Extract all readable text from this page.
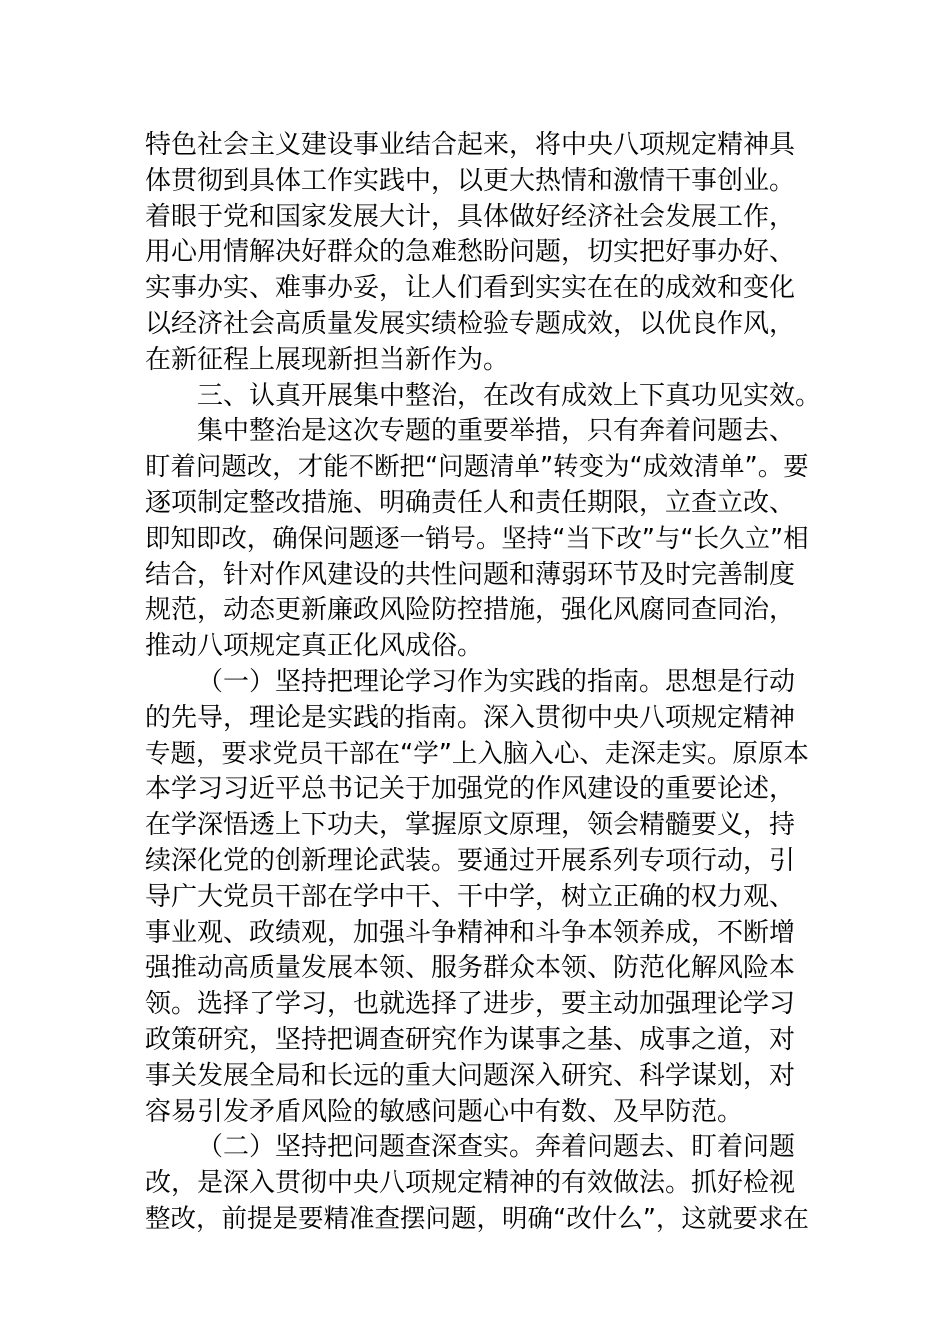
特色社会主义建设事业结合起来，将中央八项规定精神具
体贯彻到具体工作实践中，以更大热情和激情干事创业。
着眼于党和国家发展大计，具体做好经济社会发展工作，
用心用情解决好群众的急难愁盼问题，切实把好事办好、
实事办实、难事办妥，让人们看到实实在在的成效和变化
以经济社会高质量发展实绩检验专题成效，以优良作风，
在新征程上展现新担当新作为。
三、认真开展集中整治，在改有成效上下真功见实效。
集中整治是这次专题的重要举措，只有奔着问题去、
盯着问题改，才能不断把“问题清单”转变为“成效清单”。要
逐项制定整改措施、明确责任人和责任期限，立查立改、
即知即改，确保问题逐一销号。坚持“当下改”与“长久立”相
结合，针对作风建设的共性问题和薄弱环节及时完善制度
规范，动态更新廉政风险防控措施，强化风腐同查同治，
推动八项规定真正化风成俗。
（一）坚持把理论学习作为实践的指南。思想是行动
的先导，理论是实践的指南。深入贯彻中央八项规定精神
专题，要求党员干部在“学”上入脑入心、走深走实。原原本
本学习习近平总书记关于加强党的作风建设的重要论述，
在学深悟透上下功夫，掌握原文原理，领会精髓要义，持
续深化党的创新理论武装。要通过开展系列专项行动，引
导广大党员干部在学中干、干中学，树立正确的权力观、
事业观、政绩观，加强斗争精神和斗争本领养成，不断增
强推动高质量发展本领、服务群众本领、防范化解风险本
领。选择了学习，也就选择了进步，要主动加强理论学习
政策研究，坚持把调查研究作为谋事之基、成事之道，对
事关发展全局和长远的重大问题深入研究、科学谋划，对
容易引发矛盾风险的敏感问题心中有数、及早防范。
（二）坚持把问题查深查实。奔着问题去、盯着问题
改，是深入贯彻中央八项规定精神的有效做法。抓好检视
整改，前提是要精准查摆问题，明确“改什么”，这就要求在
